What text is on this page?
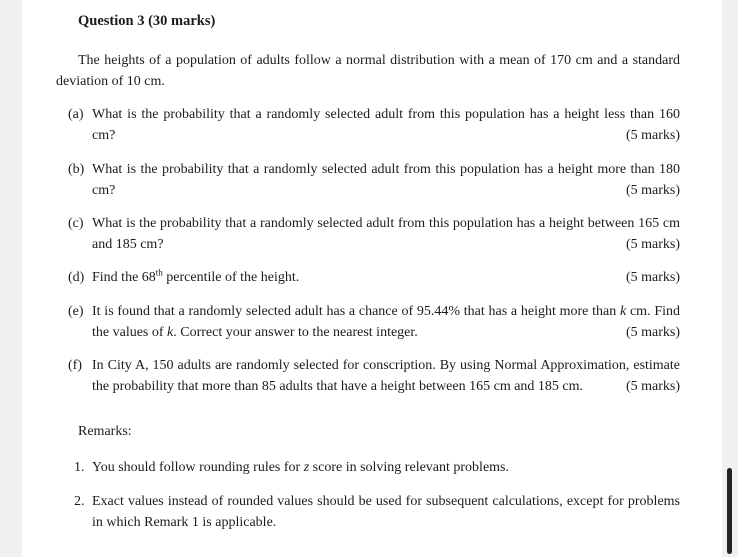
Question 3 (30 marks)
The heights of a population of adults follow a normal distribution with a mean of 170 cm and a standard deviation of 10 cm.
(a) What is the probability that a randomly selected adult from this population has a height less than 160 cm?	(5 marks)
(b) What is the probability that a randomly selected adult from this population has a height more than 180 cm?	(5 marks)
(c) What is the probability that a randomly selected adult from this population has a height between 165 cm and 185 cm?	(5 marks)
(d)	(5 marks)
Find the 68th percentile of the height.
(e) It is found that a randomly selected adult has a chance of 95.44% that has a height more than k cm. Find the values of k. Correct your answer to the nearest integer.	(5 marks)
(f) In City A, 150 adults are randomly selected for conscription. By using Normal Approximation, estimate the probability that more than 85 adults that have a height between 165 cm and 185 cm.	(5 marks)
Remarks:
1. You should follow rounding rules for z score in solving relevant problems.
2. Exact values instead of rounded values should be used for subsequent calculations, except for problems in which Remark 1 is applicable.
